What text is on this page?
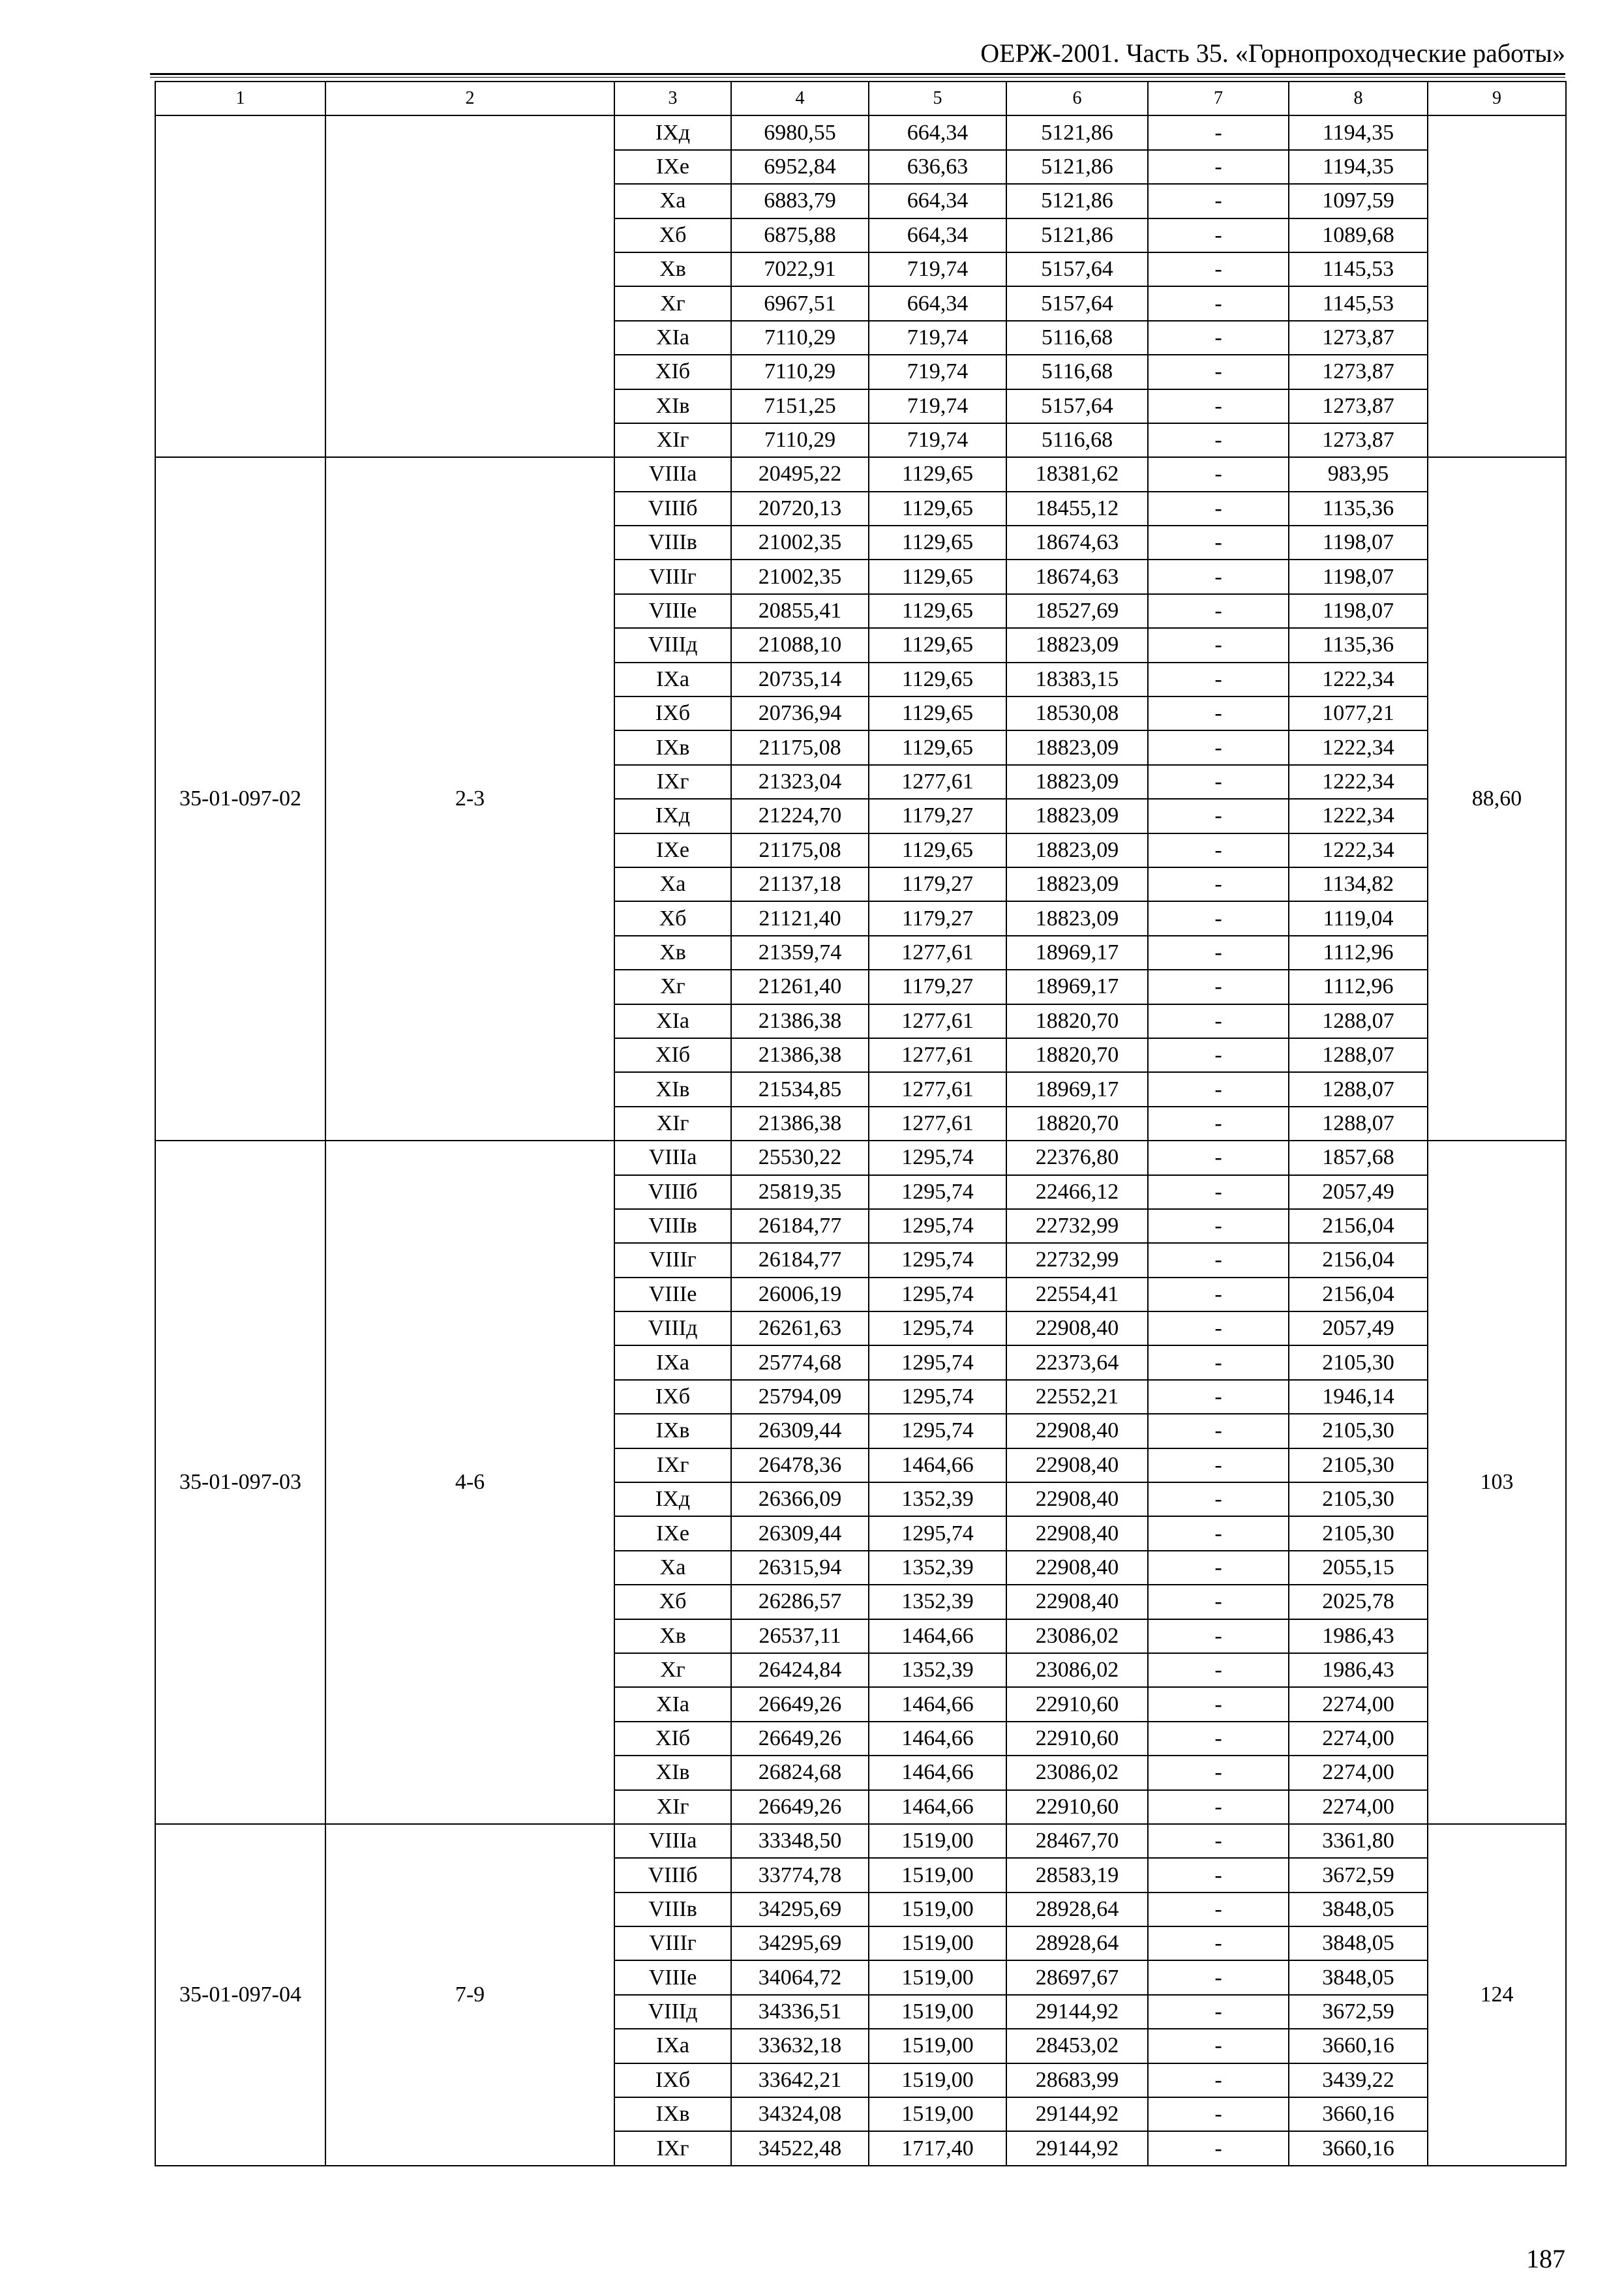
ОЕРЖ-2001. Часть 35. «Горнопроходческие работы»
1	2	3	4	5	6	7	8	9
		IXд	6980,55	664,34	5121,86	-	1194,35	
		IXе	6952,84	636,63	5121,86	-	1194,35	
		Xа	6883,79	664,34	5121,86	-	1097,59	
		Xб	6875,88	664,34	5121,86	-	1089,68	
		Xв	7022,91	719,74	5157,64	-	1145,53	
		Xг	6967,51	664,34	5157,64	-	1145,53	
		XIа	7110,29	719,74	5116,68	-	1273,87	
		XIб	7110,29	719,74	5116,68	-	1273,87	
		XIв	7151,25	719,74	5157,64	-	1273,87	
		XIг	7110,29	719,74	5116,68	-	1273,87	
35-01-097-02	2-3	VIIIа	20495,22	1129,65	18381,62	-	983,95	88,60
		VIIIб	20720,13	1129,65	18455,12	-	1135,36	
		VIIIв	21002,35	1129,65	18674,63	-	1198,07	
		VIIIг	21002,35	1129,65	18674,63	-	1198,07	
		VIIIе	20855,41	1129,65	18527,69	-	1198,07	
		VIIIд	21088,10	1129,65	18823,09	-	1135,36	
		IXа	20735,14	1129,65	18383,15	-	1222,34	
		IXб	20736,94	1129,65	18530,08	-	1077,21	
		IXв	21175,08	1129,65	18823,09	-	1222,34	
		IXг	21323,04	1277,61	18823,09	-	1222,34	
		IXд	21224,70	1179,27	18823,09	-	1222,34	
		IXе	21175,08	1129,65	18823,09	-	1222,34	
		Xа	21137,18	1179,27	18823,09	-	1134,82	
		Xб	21121,40	1179,27	18823,09	-	1119,04	
		Xв	21359,74	1277,61	18969,17	-	1112,96	
		Xг	21261,40	1179,27	18969,17	-	1112,96	
		XIа	21386,38	1277,61	18820,70	-	1288,07	
		XIб	21386,38	1277,61	18820,70	-	1288,07	
		XIв	21534,85	1277,61	18969,17	-	1288,07	
		XIг	21386,38	1277,61	18820,70	-	1288,07	
35-01-097-03	4-6	VIIIа	25530,22	1295,74	22376,80	-	1857,68	103
		VIIIб	25819,35	1295,74	22466,12	-	2057,49	
		VIIIв	26184,77	1295,74	22732,99	-	2156,04	
		VIIIг	26184,77	1295,74	22732,99	-	2156,04	
		VIIIе	26006,19	1295,74	22554,41	-	2156,04	
		VIIIд	26261,63	1295,74	22908,40	-	2057,49	
		IXа	25774,68	1295,74	22373,64	-	2105,30	
		IXб	25794,09	1295,74	22552,21	-	1946,14	
		IXв	26309,44	1295,74	22908,40	-	2105,30	
		IXг	26478,36	1464,66	22908,40	-	2105,30	
		IXд	26366,09	1352,39	22908,40	-	2105,30	
		IXе	26309,44	1295,74	22908,40	-	2105,30	
		Xа	26315,94	1352,39	22908,40	-	2055,15	
		Xб	26286,57	1352,39	22908,40	-	2025,78	
		Xв	26537,11	1464,66	23086,02	-	1986,43	
		Xг	26424,84	1352,39	23086,02	-	1986,43	
		XIа	26649,26	1464,66	22910,60	-	2274,00	
		XIб	26649,26	1464,66	22910,60	-	2274,00	
		XIв	26824,68	1464,66	23086,02	-	2274,00	
		XIг	26649,26	1464,66	22910,60	-	2274,00	
35-01-097-04	7-9	VIIIа	33348,50	1519,00	28467,70	-	3361,80	124
		VIIIб	33774,78	1519,00	28583,19	-	3672,59	
		VIIIв	34295,69	1519,00	28928,64	-	3848,05	
		VIIIг	34295,69	1519,00	28928,64	-	3848,05	
		VIIIе	34064,72	1519,00	28697,67	-	3848,05	
		VIIIд	34336,51	1519,00	29144,92	-	3672,59	
		IXа	33632,18	1519,00	28453,02	-	3660,16	
		IXб	33642,21	1519,00	28683,99	-	3439,22	
		IXв	34324,08	1519,00	29144,92	-	3660,16	
		IXг	34522,48	1717,40	29144,92	-	3660,16	
187
